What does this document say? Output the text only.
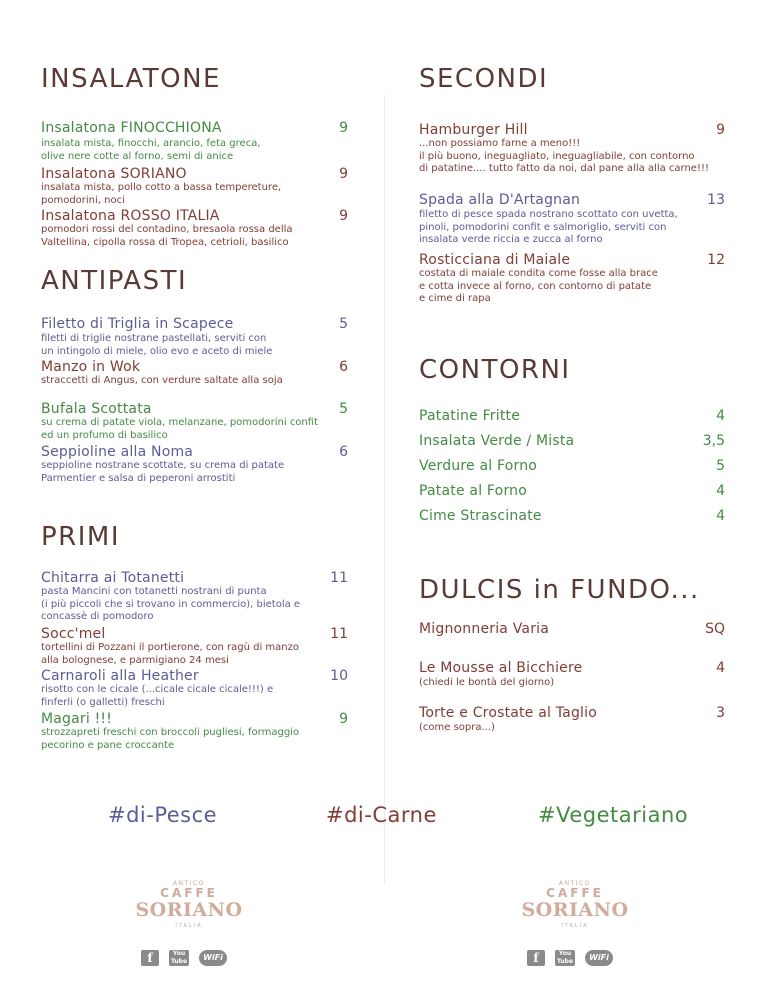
INSALATONE
ANTIPASTI
PRIMI
SECONDI
CONTORNI
DULCIS in FUNDO...
Insalatona FINOCCHIONA	9
insalata mista, finocchi, arancio, feta greca,
olive nere cotte al forno, semi di anice
Insalatona SORIANO	9
insalata mista, pollo cotto a bassa tempereture,
pomodorini, noci
Insalatona ROSSO ITALIA	9
pomodori rossi del contadino, bresaola rossa della
Valtellina, cipolla rossa di Tropea, cetrioli, basilico
Filetto di Triglia in Scapece	5
filetti di triglie nostrane pastellati, serviti con
un intingolo di miele, olio evo e aceto di miele
Manzo in Wok	6
straccetti di Angus, con verdure saltate alla soja
Bufala Scottata	5
su crema di patate viola, melanzane, pomodorini confit
ed un profumo di basilico
Seppioline alla Noma	6
seppioline nostrane scottate, su crema di patate
Parmentier e salsa di peperoni arrostiti
Chitarra ai Totanetti	11
pasta Mancini con totanetti nostrani di punta
(i più piccoli che si trovano in commercio), bietola e
concassè di pomodoro
Socc'mel	11
tortellini di Pozzani il portierone, con ragù di manzo
alla bolognese, e parmigiano 24 mesi
Carnaroli alla Heather	10
risotto con le cicale (...cicale cicale cicale!!!) e
finferli (o galletti) freschi
Magari !!!	9
strozzapreti freschi con broccoli pugliesi, formaggio
pecorino e pane croccante
Hamburger Hill	9
...non possiamo farne a meno!!!
il più buono, ineguagliato, ineguagliabile, con contorno
di patatine.... tutto fatto da noi, dal pane alla alla carne!!!
Spada alla D'Artagnan	13
filetto di pesce spada nostrano scottato con uvetta,
pinoli, pomodorini confit e salmoriglio, serviti con
insalata verde riccia e zucca al forno
Rosticciana di Maiale	12
costata di maiale condita come fosse alla brace
e cotta invece al forno, con contorno di patate
e cime di rapa
Patatine Fritte	4
Insalata Verde / Mista	3,5
Verdure al Forno	5
Patate al Forno	4
Cime Strascinate	4
Mignonneria Varia	SQ
Le Mousse al Bicchiere	4
(chiedi le bontà del giorno)
Torte e Crostate al Taglio	3
(come sopra...)
#di-Pesce	#di-Carne	#Vegetariano
ANTICO
CAFFE
SORIANO
ITALIA
ANTICO
CAFFE
SORIANO
ITALIA
f	You Tube	WiFi	f	You Tube	WiFi
